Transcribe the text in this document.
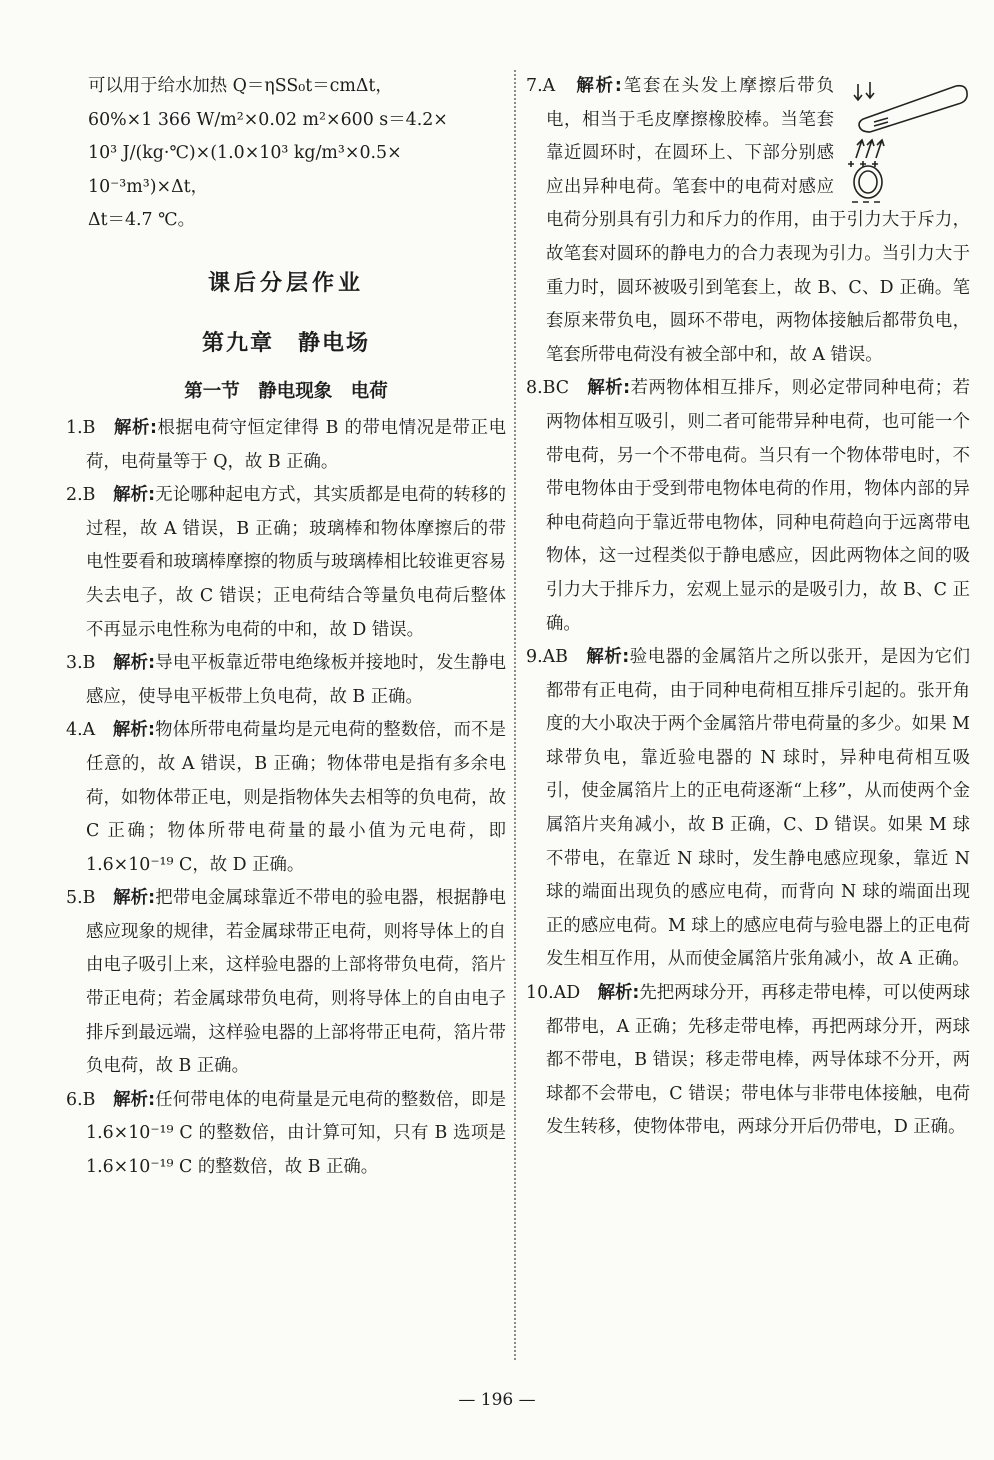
可以用于给水加热 Q＝ηSS₀t＝cmΔt，

60%×1 366 W/m²×0.02 m²×600 s＝4.2×

10³ J/(kg·℃)×(1.0×10³ kg/m³×0.5×

10⁻³m³)×Δt，

Δt＝4.7 ℃。

课后分层作业
第九章　静电场
第一节　静电现象　电荷

1.B　 解析:根据电荷守恒定律得 B 的带电情况是带正电荷，电荷量等于 Q，故 B 正确。

2.B　 解析:无论哪种起电方式，其实质都是电荷的转移的过程，故 A 错误，B 正确；玻璃棒和物体摩擦后的带电性要看和玻璃棒摩擦的物质与玻璃棒相比较谁更容易失去电子，故 C 错误；正电荷结合等量负电荷后整体不再显示电性称为电荷的中和，故 D 错误。

3.B　 解析:导电平板靠近带电绝缘板并接地时，发生静电感应，使导电平板带上负电荷，故 B 正确。

4.A　 解析:物体所带电荷量均是元电荷的整数倍，而不是任意的，故 A 错误，B 正确；物体带电是指有多余电荷，如物体带正电，则是指物体失去相等的负电荷，故 C 正确；物体所带电荷量的最小值为元电荷，即 1.6×10⁻¹⁹ C，故 D 正确。

5.B　 解析:把带电金属球靠近不带电的验电器，根据静电感应现象的规律，若金属球带正电荷，则将导体上的自由电子吸引上来，这样验电器的上部将带负电荷，箔片带正电荷；若金属球带负电荷，则将导体上的自由电子排斥到最远端，这样验电器的上部将带正电荷，箔片带负电荷，故 B 正确。

6.B　 解析:任何带电体的电荷量是元电荷的整数倍，即是 1.6×10⁻¹⁹ C 的整数倍，由计算可知，只有 B 选项是 1.6×10⁻¹⁹ C 的整数倍，故 B 正确。

7.A　 解析:笔套在头发上摩擦后带负电，相当于毛皮摩擦橡胶棒。当笔套靠近圆环时，在圆环上、下部分别感应出异种电荷。笔套中的电荷对感应电荷分别具有引力和斥力的作用，由于引力大于斥力，故笔套对圆环的静电力的合力表现为引力。当引力大于重力时，圆环被吸引到笔套上，故 B、C、D 正确。笔套原来带负电，圆环不带电，两物体接触后都带负电，笔套所带电荷没有被全部中和，故 A 错误。

8.BC　 解析:若两物体相互排斥，则必定带同种电荷；若两物体相互吸引，则二者可能带异种电荷，也可能一个带电荷，另一个不带电荷。当只有一个物体带电时，不带电物体由于受到带电物体电荷的作用，物体内部的异种电荷趋向于靠近带电物体，同种电荷趋向于远离带电物体，这一过程类似于静电感应，因此两物体之间的吸引力大于排斥力，宏观上显示的是吸引力，故 B、C 正确。

9.AB　 解析:验电器的金属箔片之所以张开，是因为它们都带有正电荷，由于同种电荷相互排斥引起的。张开角度的大小取决于两个金属箔片带电荷量的多少。如果 M 球带负电，靠近验电器的 N 球时，异种电荷相互吸引，使金属箔片上的正电荷逐渐“上移”，从而使两个金属箔片夹角减小，故 B 正确，C、D 错误。如果 M 球不带电，在靠近 N 球时，发生静电感应现象，靠近 N 球的端面出现负的感应电荷，而背向 N 球的端面出现正的感应电荷。M 球上的感应电荷与验电器上的正电荷发生相互作用，从而使金属箔片张角减小，故 A 正确。

10.AD　 解析:先把两球分开，再移走带电棒，可以使两球都带电，A 正确；先移走带电棒，再把两球分开，两球都不带电，B 错误；移走带电棒，两导体球不分开，两球都不会带电，C 错误；带电体与非带电体接触，电荷发生转移，使物体带电，两球分开后仍带电，D 正确。

— 196 —
